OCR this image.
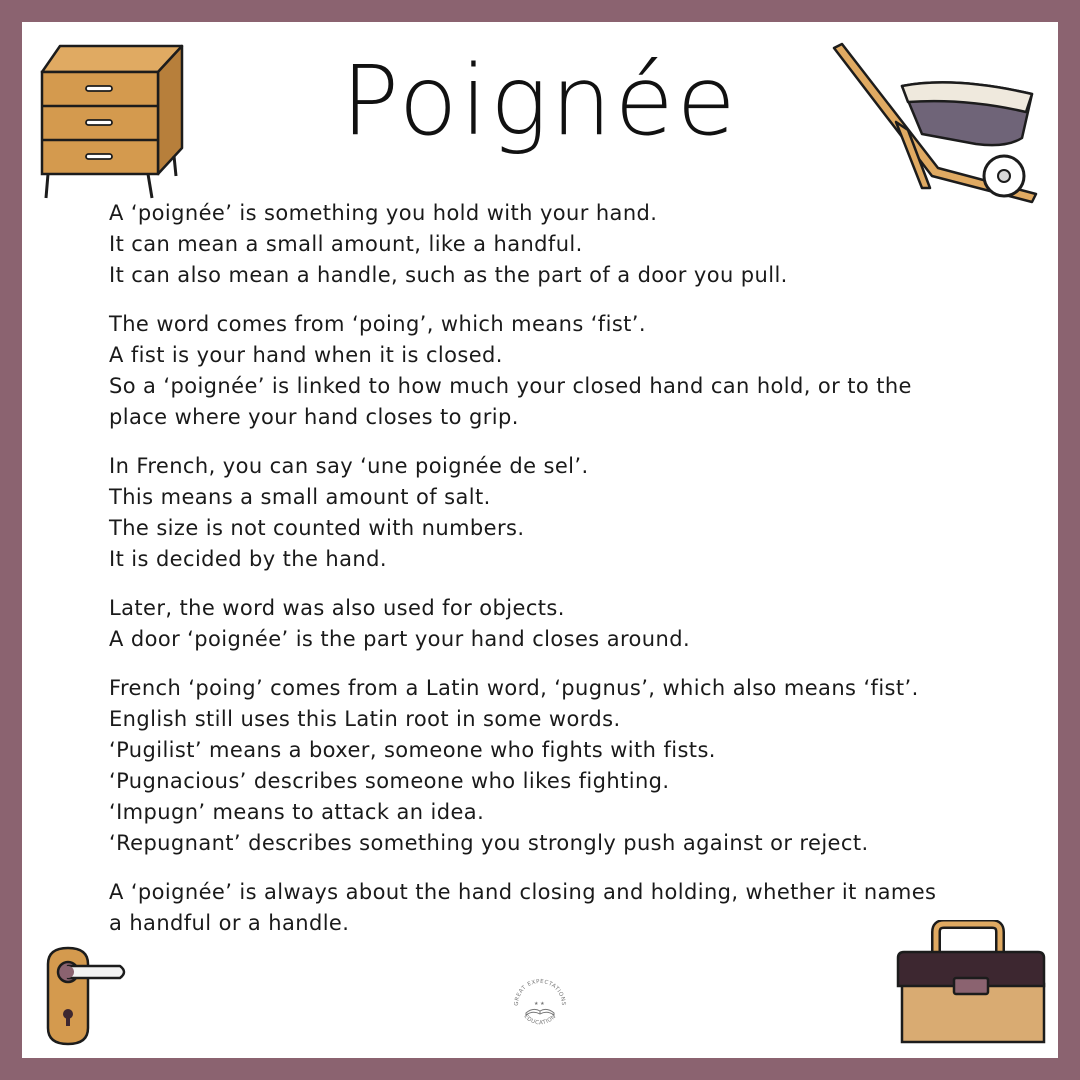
Poignée

A ‘poignée’ is something you hold with your hand.
It can mean a small amount, like a handful.
It can also mean a handle, such as the part of a door you pull.

The word comes from ‘poing’, which means ‘fist’.
A fist is your hand when it is closed.
So a ‘poignée’ is linked to how much your closed hand can hold, or to the
place where your hand closes to grip.

In French, you can say ‘une poignée de sel’.
This means a small amount of salt.
The size is not counted with numbers.
It is decided by the hand.

Later, the word was also used for objects.
A door ‘poignée’ is the part your hand closes around.

French ‘poing’ comes from a Latin word, ‘pugnus’, which also means ‘fist’.
English still uses this Latin root in some words.
‘Pugilist’ means a boxer, someone who fights with fists.
‘Pugnacious’ describes someone who likes fighting.
‘Impugn’ means to attack an idea.
‘Repugnant’ describes something you strongly push against or reject.

A ‘poignée’ is always about the hand closing and holding, whether it names
a handful or a handle.

GREAT EXPECTATIONS
EDUCATION
★ ★
